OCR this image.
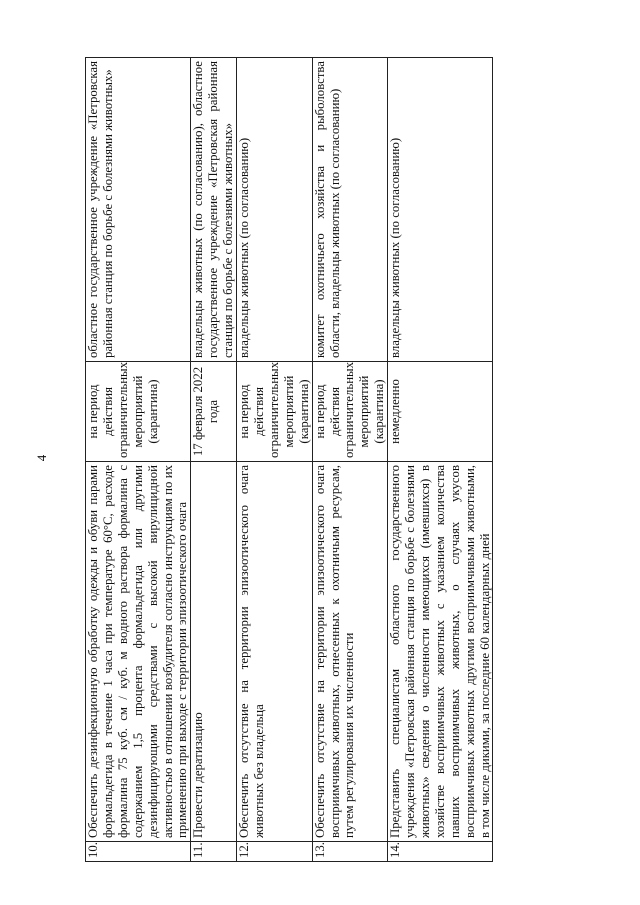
4
10.	Обеспечить дезинфекционную обработку одежды и обуви парами формальдегида в течение 1 часа при температуре 60°С, расходе формалина 75 куб. см / куб. м водного раствора формалина с содержанием 1,5 процента формальдегида или другими дезинфицирующими средствами с высокой вирулицидной активностью в отношении возбудителя согласно инструкциям по их применению при выходе с территории эпизоотического очага	на период действия ограничительных мероприятий (карантина)	областное государственное учреждение «Петровская районная станция по борьбе с болезнями животных»
11.	Провести дератизацию	17 февраля 2022 года	владельцы животных (по согласованию), областное государственное учреждение «Петровская районная станция по борьбе с болезнями животных»
12.	Обеспечить отсутствие на территории эпизоотического очага животных без владельца	на период действия ограничительных мероприятий (карантина)	владельцы животных (по согласованию)
13.	Обеспечить отсутствие на территории эпизоотического очага восприимчивых животных, отнесенных к охотничьим ресурсам, путем регулирования их численности	на период действия ограничительных мероприятий (карантина)	комитет охотничьего хозяйства и рыболовства области, владельцы животных (по согласованию)
14.	Представить специалистам областного государственного учреждения «Петровская районная станция по борьбе с болезнями животных» сведения о численности имеющихся (имевшихся) в хозяйстве восприимчивых животных с указанием количества павших восприимчивых животных, о случаях укусов восприимчивых животных другими восприимчивыми животными, в том числе дикими, за последние 60 календарных дней	немедленно	владельцы животных (по согласованию)
